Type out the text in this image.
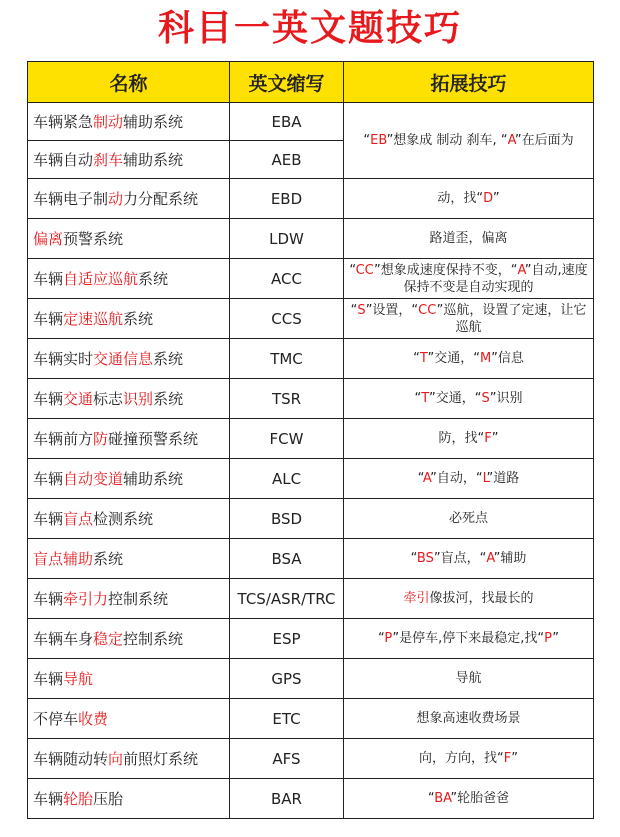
科目一英文题技巧
名称	英文缩写	拓展技巧
车辆紧急制动辅助系统	EBA	“EB”想象成 制动 刹车, “A”在后面为
车辆自动刹车辅助系统	AEB	
车辆电子制动力分配系统	EBD	动，找“D”
偏离预警系统	LDW	路道歪，偏离
车辆自适应巡航系统	ACC	“CC”想象成速度保持不变，“A”自动,速度保持不变是自动实现的
车辆定速巡航系统	CCS	“S”设置，“CC”巡航，设置了定速，让它巡航
车辆实时交通信息系统	TMC	“T”交通，“M”信息
车辆交通标志识别系统	TSR	“T”交通，“S”识别
车辆前方防碰撞预警系统	FCW	防，找“F”
车辆自动变道辅助系统	ALC	“A”自动，“L”道路
车辆盲点检测系统	BSD	必死点
盲点辅助系统	BSA	“BS”盲点，“A”辅助
车辆牵引力控制系统	TCS/ASR/TRC	牵引像拔河，找最长的
车辆车身稳定控制系统	ESP	“P”是停车,停下来最稳定,找“P”
车辆导航	GPS	导航
不停车收费	ETC	想象高速收费场景
车辆随动转向前照灯系统	AFS	向，方向，找“F”
车辆轮胎压胎	BAR	“BA”轮胎爸爸
